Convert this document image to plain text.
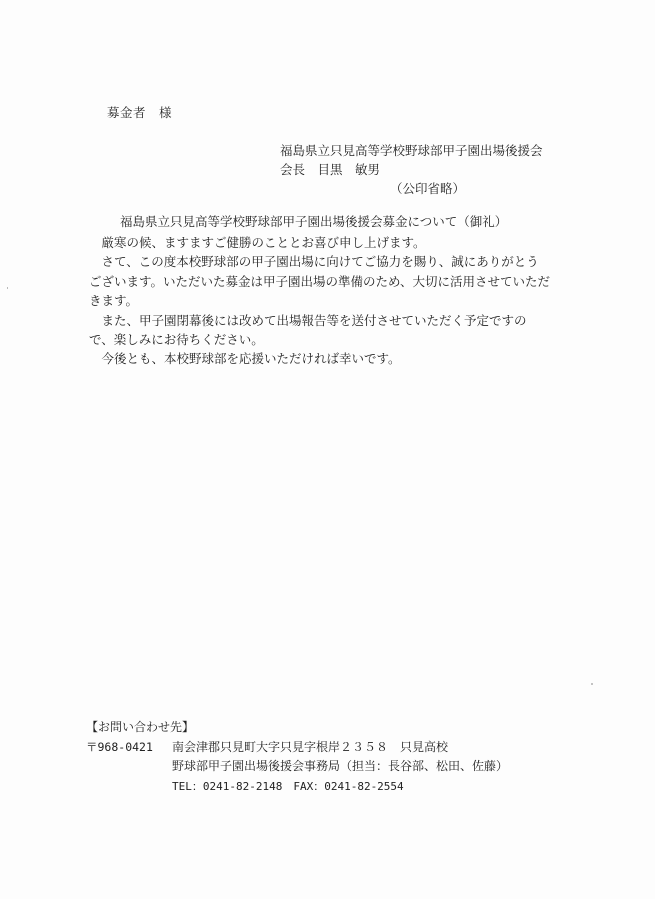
募金者　様
福島県立只見高等学校野球部甲子園出場後援会
会長　目黒　敏男
（公印省略）
福島県立只見高等学校野球部甲子園出場後援会募金について（御礼）

厳寒の候、ますますご健勝のこととお喜び申し上げます。

さて、この度本校野球部の甲子園出場に向けてご協力を賜り、誠にありがとうございます。いただいた募金は甲子園出場の準備のため、大切に活用させていただきます。

また、甲子園閉幕後には改めて出場報告等を送付させていただく予定ですので、楽しみにお待ちください。

今後とも、本校野球部を応援いただければ幸いです。

【お問い合わせ先】
〒968-0421	南会津郡只見町大字只見字根岸２３５８　只見高校
野球部甲子園出場後援会事務局（担当：長谷部、松田、佐藤）
TEL：0241-82-2148　FAX：0241-82-2554
